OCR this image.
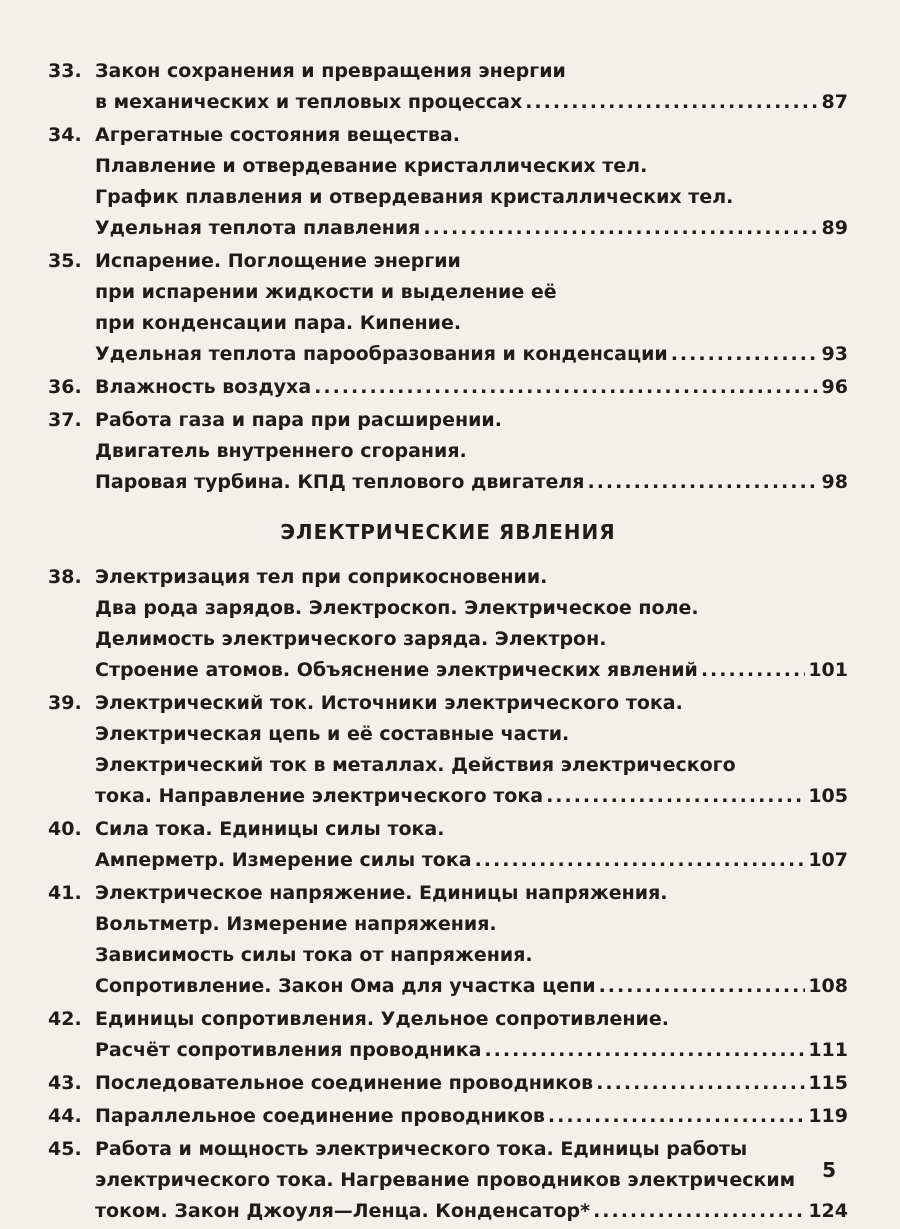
33. Закон сохранения и превращения энергии
в механических и тепловых процессах .....	87
34. Агрегатные состояния вещества.
Плавление и отвердевание кристаллических тел.
График плавления и отвердевания кристаллических тел.
Удельная теплота плавления .....	89
35. Испарение. Поглощение энергии
при испарении жидкости и выделение её
при конденсации пара. Кипение.
Удельная теплота парообразования и конденсации .....	93
36. Влажность воздуха .....	96
37. Работа газа и пара при расширении.
Двигатель внутреннего сгорания.
Паровая турбина. КПД теплового двигателя .....	98
ЭЛЕКТРИЧЕСКИЕ ЯВЛЕНИЯ
38. Электризация тел при соприкосновении.
Два рода зарядов. Электроскоп. Электрическое поле.
Делимость электрического заряда. Электрон.
Строение атомов. Объяснение электрических явлений .....	101
39. Электрический ток. Источники электрического тока.
Электрическая цепь и её составные части.
Электрический ток в металлах. Действия электрического
тока. Направление электрического тока .....	105
40. Сила тока. Единицы силы тока.
Амперметр. Измерение силы тока .....	107
41. Электрическое напряжение. Единицы напряжения.
Вольтметр. Измерение напряжения.
Зависимость силы тока от напряжения.
Сопротивление. Закон Ома для участка цепи .....	108
42. Единицы сопротивления. Удельное сопротивление.
Расчёт сопротивления проводника .....	111
43. Последовательное соединение проводников .....	115
44. Параллельное соединение проводников .....	119
45. Работа и мощность электрического тока. Единицы работы
электрического тока. Нагревание проводников электрическим
током. Закон Джоуля—Ленца. Конденсатор* .....	124
5
